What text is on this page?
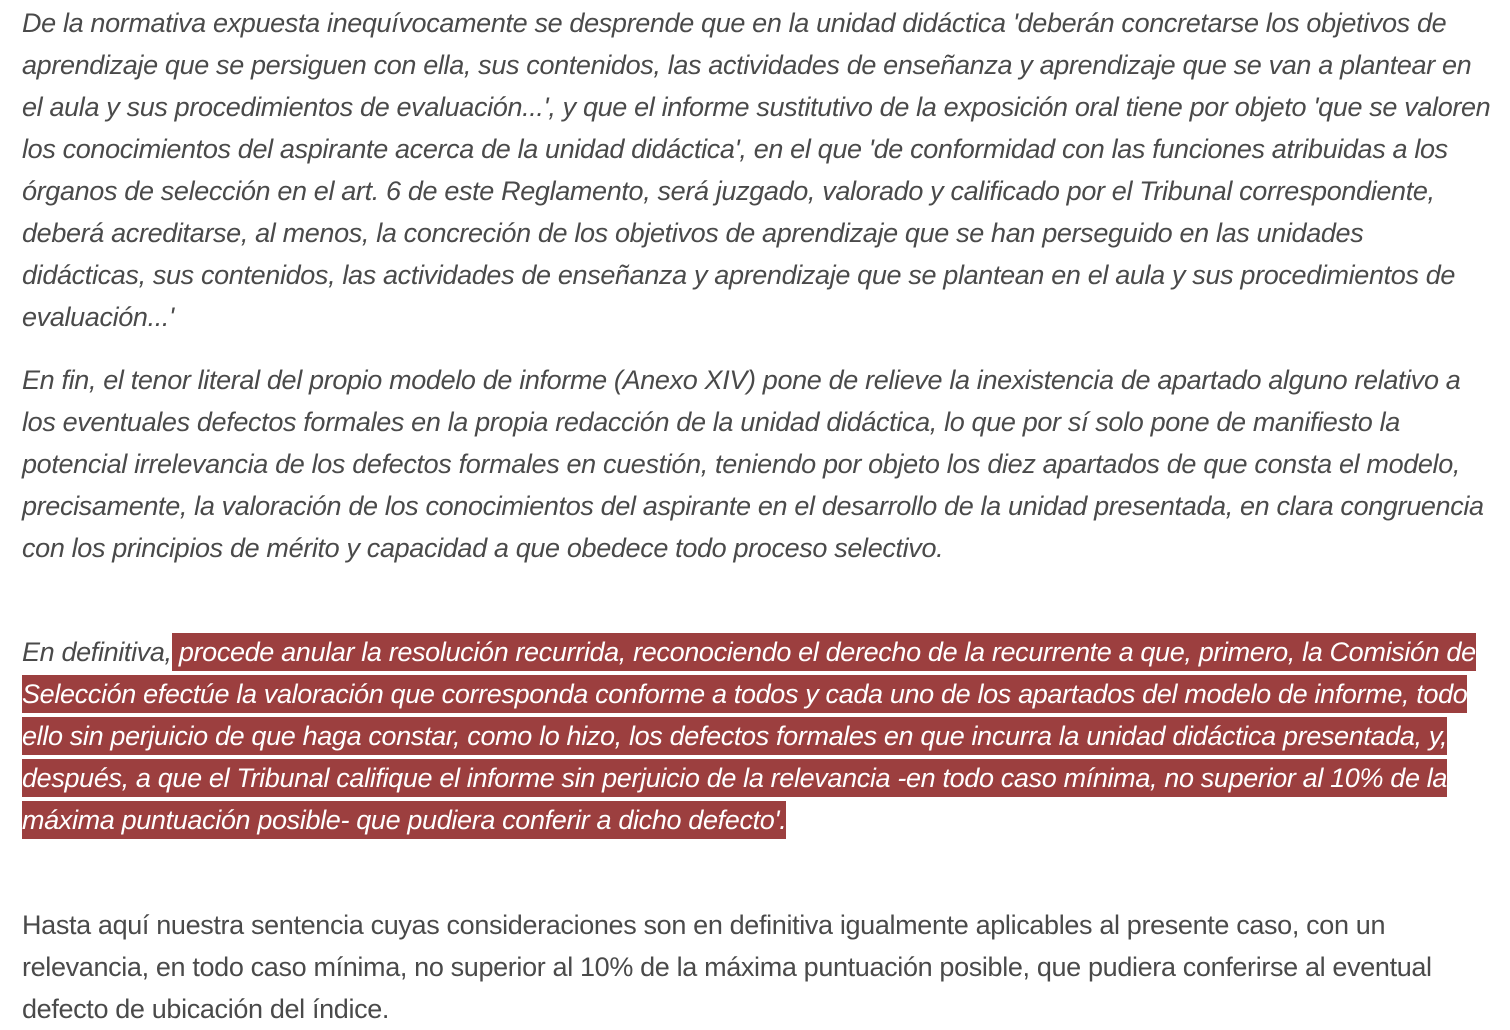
De la normativa expuesta inequívocamente se desprende que en la unidad didáctica 'deberán concretarse los objetivos de aprendizaje que se persiguen con ella, sus contenidos, las actividades de enseñanza y aprendizaje que se van a plantear en el aula y sus procedimientos de evaluación...', y que el informe sustitutivo de la exposición oral tiene por objeto 'que se valoren los conocimientos del aspirante acerca de la unidad didáctica', en el que 'de conformidad con las funciones atribuidas a los órganos de selección en el art. 6 de este Reglamento, será juzgado, valorado y calificado por el Tribunal correspondiente, deberá acreditarse, al menos, la concreción de los objetivos de aprendizaje que se han perseguido en las unidades didácticas, sus contenidos, las actividades de enseñanza y aprendizaje que se plantean en el aula y sus procedimientos de evaluación...'

En fin, el tenor literal del propio modelo de informe (Anexo XIV) pone de relieve la inexistencia de apartado alguno relativo a los eventuales defectos formales en la propia redacción de la unidad didáctica, lo que por sí solo pone de manifiesto la potencial irrelevancia de los defectos formales en cuestión, teniendo por objeto los diez apartados de que consta el modelo, precisamente, la valoración de los conocimientos del aspirante en el desarrollo de la unidad presentada, en clara congruencia con los principios de mérito y capacidad a que obedece todo proceso selectivo.

En definitiva, procede anular la resolución recurrida, reconociendo el derecho de la recurrente a que, primero, la Comisión de Selección efectúe la valoración que corresponda conforme a todos y cada uno de los apartados del modelo de informe, todo ello sin perjuicio de que haga constar, como lo hizo, los defectos formales en que incurra la unidad didáctica presentada, y, después, a que el Tribunal califique el informe sin perjuicio de la relevancia -en todo caso mínima, no superior al 10% de la máxima puntuación posible- que pudiera conferir a dicho defecto'.

Hasta aquí nuestra sentencia cuyas consideraciones son en definitiva igualmente aplicables al presente caso, con un relevancia, en todo caso mínima, no superior al 10% de la máxima puntuación posible, que pudiera conferirse al eventual defecto de ubicación del índice.
